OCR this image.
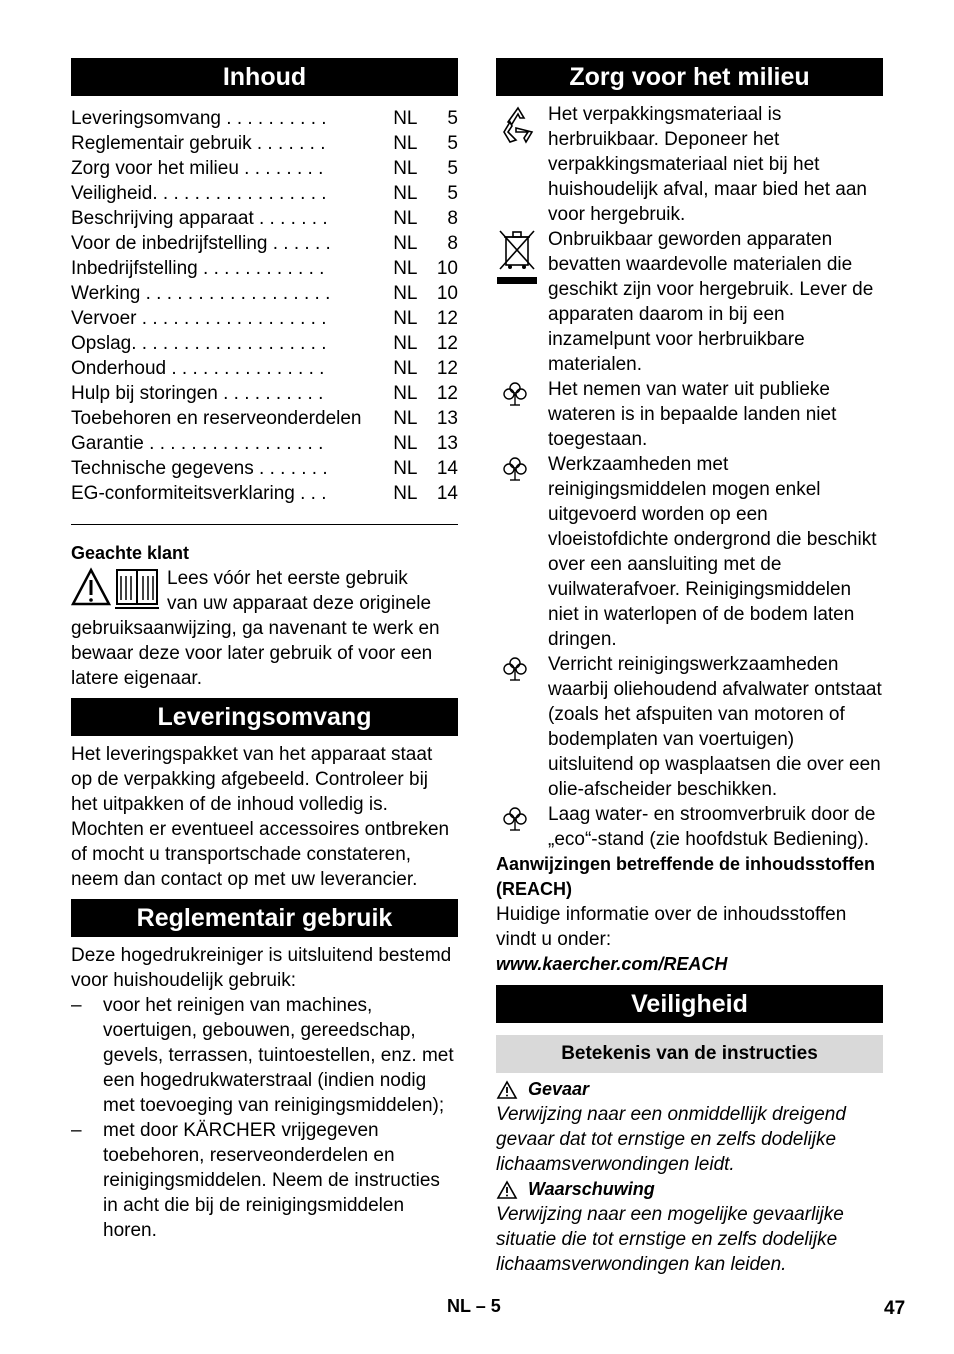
Inhoud
Leveringsomvang . . . . . . . . . .	NL	5
Reglementair gebruik . . . . . . .	NL	5
Zorg voor het milieu . . . . . . . .	NL	5
Veiligheid. . . . . . . . . . . . . . . . .	NL	5
Beschrijving apparaat . . . . . . .	NL	8
Voor de inbedrijfstelling . . . . . .	NL	8
Inbedrijfstelling . . . . . . . . . . . .	NL	10
Werking . . . . . . . . . . . . . . . . . .	NL	10
Vervoer . . . . . . . . . . . . . . . . . .	NL	12
Opslag. . . . . . . . . . . . . . . . . . .	NL	12
Onderhoud . . . . . . . . . . . . . . .	NL	12
Hulp bij storingen . . . . . . . . . .	NL	12
Toebehoren en reserveonderdelen	NL	13
Garantie . . . . . . . . . . . . . . . . .	NL	13
Technische gegevens . . . . . . .	NL	14
EG-conformiteitsverklaring . . .	NL	14
Geachte klant
Lees vóór het eerste gebruik
van uw apparaat deze originele

gebruiksaanwijzing, ga navenant te werk en bewaar deze voor later gebruik of voor een latere eigenaar.

Leveringsomvang

Het leveringspakket van het apparaat staat op de verpakking afgebeeld. Controleer bij het uitpakken of de inhoud volledig is. Mochten er eventueel accessoires ontbreken of mocht u transportschade constateren, neem dan contact op met uw leverancier.

Reglementair gebruik

Deze hogedrukreiniger is uitsluitend bestemd voor huishoudelijk gebruik:

–	voor het reinigen van machines, voertuigen, gebouwen, gereedschap, gevels, terrassen, tuintoestellen, enz. met een hogedrukwaterstraal (indien nodig met toevoeging van reinigingsmiddelen);
–	met door KÄRCHER vrijgegeven toebehoren, reserveonderdelen en reinigingsmiddelen. Neem de instructies in acht die bij de reinigingsmiddelen horen.
Zorg voor het milieu
Het verpakkingsmateriaal is herbruikbaar. Deponeer het verpakkingsmateriaal niet bij het huishoudelijk afval, maar bied het aan voor hergebruik.
Onbruikbaar geworden apparaten bevatten waardevolle materialen die geschikt zijn voor hergebruik. Lever de apparaten daarom in bij een inzamelpunt voor herbruikbare materialen.
Het nemen van water uit publieke wateren is in bepaalde landen niet toegestaan.
Werkzaamheden met reinigingsmiddelen mogen enkel uitgevoerd worden op een vloeistofdichte ondergrond die beschikt over een aansluiting met de vuilwaterafvoer. Reinigingsmiddelen niet in waterlopen of de bodem laten dringen.
Verricht reinigingswerkzaamheden waarbij oliehoudend afvalwater ontstaat (zoals het afspuiten van motoren of bodemplaten van voertuigen) uitsluitend op wasplaatsen die over een olie-afscheider beschikken.
Laag water- en stroomverbruik door de „eco“-stand (zie hoofdstuk Bediening).
Aanwijzingen betreffende de inhoudsstoffen (REACH)

Huidige informatie over de inhoudsstoffen vindt u onder:

www.kaercher.com/REACH
Veiligheid
Betekenis van de instructies
Gevaar

Verwijzing naar een onmiddellijk dreigend gevaar dat tot ernstige en zelfs dodelijke lichaamsverwondingen leidt.

Waarschuwing

Verwijzing naar een mogelijke gevaarlijke situatie die tot ernstige en zelfs dodelijke lichaamsverwondingen kan leiden.

NL – 5	47
